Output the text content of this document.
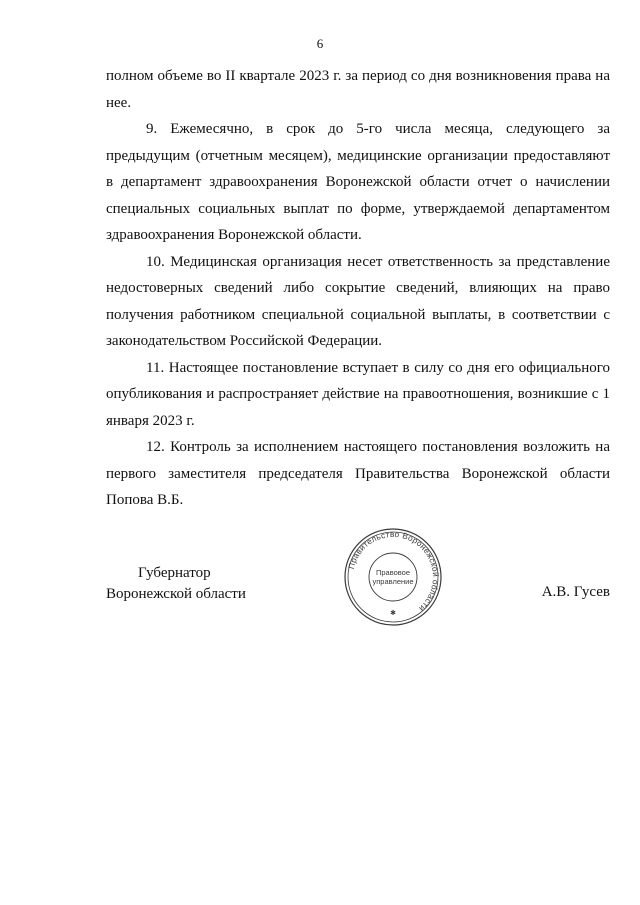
6

полном объеме во II квартале 2023 г. за период со дня возникновения права на нее.

9. Ежемесячно, в срок до 5-го числа месяца, следующего за предыдущим (отчетным месяцем), медицинские организации предоставляют в департамент здравоохранения Воронежской области отчет о начислении специальных социальных выплат по форме, утверждаемой департаментом здравоохранения Воронежской области.

10. Медицинская организация несет ответственность за представление недостоверных сведений либо сокрытие сведений, влияющих на право получения работником специальной социальной выплаты, в соответствии с законодательством Российской Федерации.

11. Настоящее постановление вступает в силу со дня его официального опубликования и распространяет действие на правоотношения, возникшие с 1 января 2023 г.

12. Контроль за исполнением настоящего постановления возложить на первого заместителя председателя Правительства Воронежской области Попова В.Б.

Губернатор
Воронежской области	А.В. Гусев
Правительство Воронежской области
Правовое
управление
✱
